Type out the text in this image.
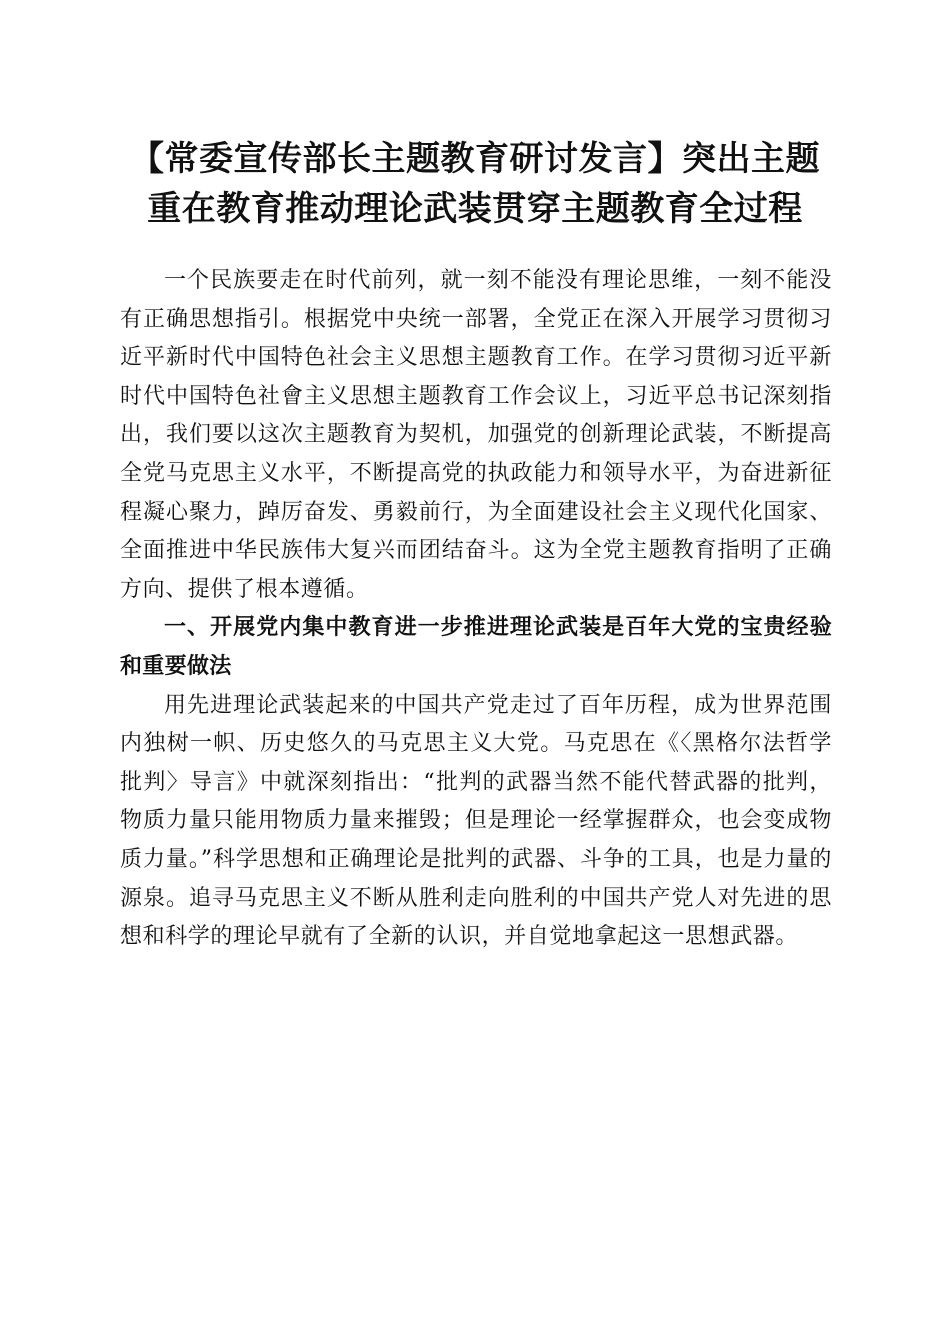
【常委宣传部长主题教育研讨发言】突出主题
重在教育推动理论武装贯穿主题教育全过程

一个民族要走在时代前列，就一刻不能没有理论思维，一刻不能没有正确思想指引。根据党中央统一部署，全党正在深入开展学习贯彻习近平新时代中国特色社会主义思想主题教育工作。在学习贯彻习近平新时代中国特色社會主义思想主题教育工作会议上，习近平总书记深刻指出，我们要以这次主题教育为契机，加强党的创新理论武装，不断提高全党马克思主义水平，不断提高党的执政能力和领导水平，为奋进新征程凝心聚力，踔厉奋发、勇毅前行，为全面建设社会主义现代化国家、全面推进中华民族伟大复兴而团结奋斗。这为全党主题教育指明了正确方向、提供了根本遵循。

一、开展党内集中教育进一步推进理论武装是百年大党的宝贵经验和重要做法

用先进理论武装起来的中国共产党走过了百年历程，成为世界范围内独树一帜、历史悠久的马克思主义大党。马克思在《〈黑格尔法哲学批判〉导言》中就深刻指出：“批判的武器当然不能代替武器的批判，物质力量只能用物质力量来摧毁；但是理论一经掌握群众，也会变成物质力量。”科学思想和正确理论是批判的武器、斗争的工具，也是力量的源泉。追寻马克思主义不断从胜利走向胜利的中国共产党人对先进的思想和科学的理论早就有了全新的认识，并自觉地拿起这一思想武器。
